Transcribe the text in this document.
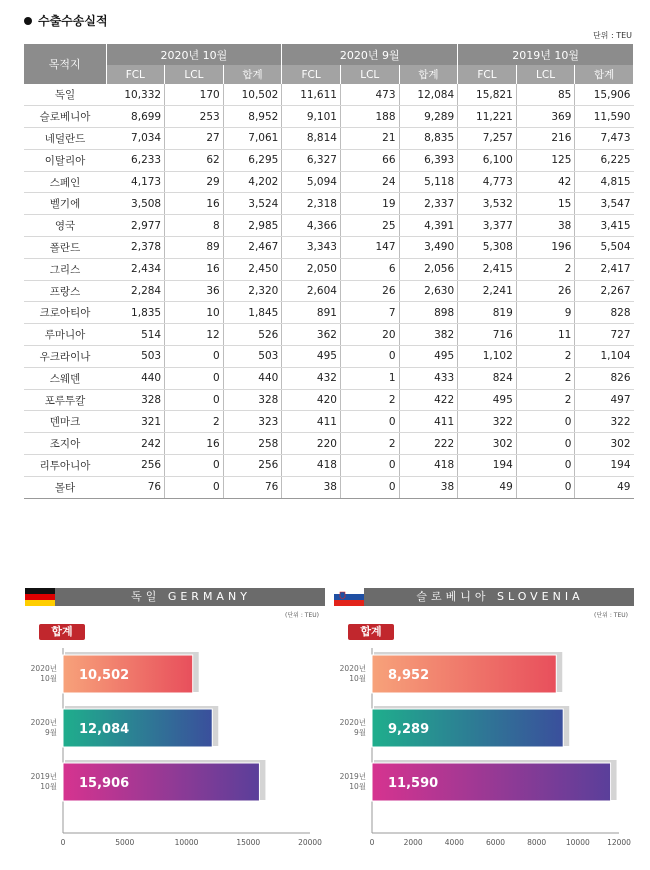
수출수송실적
단위 : TEU
목적지	2020년 10월			2020년 9월			2019년 10월		
	FCL	LCL	합계	FCL	LCL	합계	FCL	LCL	합계
독일	10,332	170	10,502	11,611	473	12,084	15,821	85	15,906
슬로베니아	8,699	253	8,952	9,101	188	9,289	11,221	369	11,590
네덜란드	7,034	27	7,061	8,814	21	8,835	7,257	216	7,473
이탈리아	6,233	62	6,295	6,327	66	6,393	6,100	125	6,225
스페인	4,173	29	4,202	5,094	24	5,118	4,773	42	4,815
벨기에	3,508	16	3,524	2,318	19	2,337	3,532	15	3,547
영국	2,977	8	2,985	4,366	25	4,391	3,377	38	3,415
폴란드	2,378	89	2,467	3,343	147	3,490	5,308	196	5,504
그리스	2,434	16	2,450	2,050	6	2,056	2,415	2	2,417
프랑스	2,284	36	2,320	2,604	26	2,630	2,241	26	2,267
크로아티아	1,835	10	1,845	891	7	898	819	9	828
루마니아	514	12	526	362	20	382	716	11	727
우크라이나	503	0	503	495	0	495	1,102	2	1,104
스웨덴	440	0	440	432	1	433	824	2	826
포루투칼	328	0	328	420	2	422	495	2	497
덴마크	321	2	323	411	0	411	322	0	322
조지아	242	16	258	220	2	222	302	0	302
리투아니아	256	0	256	418	0	418	194	0	194
몰타	76	0	76	38	0	38	49	0	49
독일 GERMANY
(단위 : TEU)
합계
0	5000	10000	15000	20000
10,502
2020년
10월
12,084
2020년
9월
15,906
2019년
10월
슬로베니아 SLOVENIA
(단위 : TEU)
합계
0	2000	4000	6000	8000	10000 12000
8,952
2020년
10월
9,289
2020년
9월
11,590
2019년
10월
